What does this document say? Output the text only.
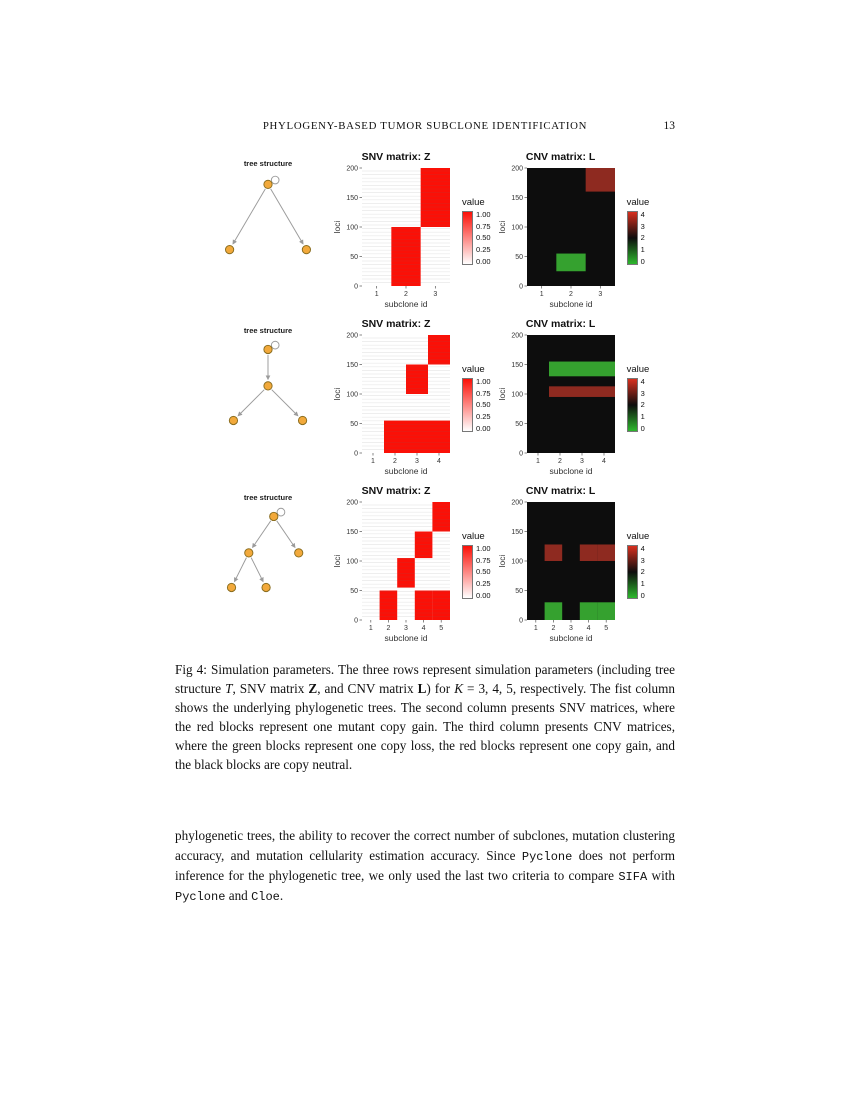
PHYLOGENY-BASED TUMOR SUBCLONE IDENTIFICATION	13
tree structure
SNV matrix: Z
0
50
100
150
200
1	2	3
loci
subclone id
value
1.00
0.75
0.50
0.25
0.00
CNV matrix: L
0
50
100
150
200
1	2	3
loci
subclone id
value
4
3
2
1
0
tree structure
SNV matrix: Z
0
50
100
150
200
1	2	3	4
loci
subclone id
value
1.00
0.75
0.50
0.25
0.00
CNV matrix: L
0
50
100
150
200
1	2	3	4
loci
subclone id
value
4
3
2
1
0
tree structure
SNV matrix: Z
0
50
100
150
200
1 2 3 4 5
loci
subclone id
value
1.00
0.75
0.50
0.25
0.00
CNV matrix: L
0
50
100
150
200
1 2 3 4 5
loci
subclone id
value
4
3
2
1
0

Fig 4: Simulation parameters. The three rows represent simulation parameters (including tree structure T, SNV matrix Z, and CNV matrix L) for K = 3, 4, 5, respectively. The fist column shows the underlying phylogenetic trees. The second column presents SNV matrices, where the red blocks represent one mutant copy gain. The third column presents CNV matrices, where the green blocks represent one copy loss, the red blocks represent one copy gain, and the black blocks are copy neutral.

phylogenetic trees, the ability to recover the correct number of subclones, mutation clustering accuracy, and mutation cellularity estimation accuracy. Since Pyclone does not perform inference for the phylogenetic tree, we only used the last two criteria to compare SIFA with Pyclone and Cloe.
